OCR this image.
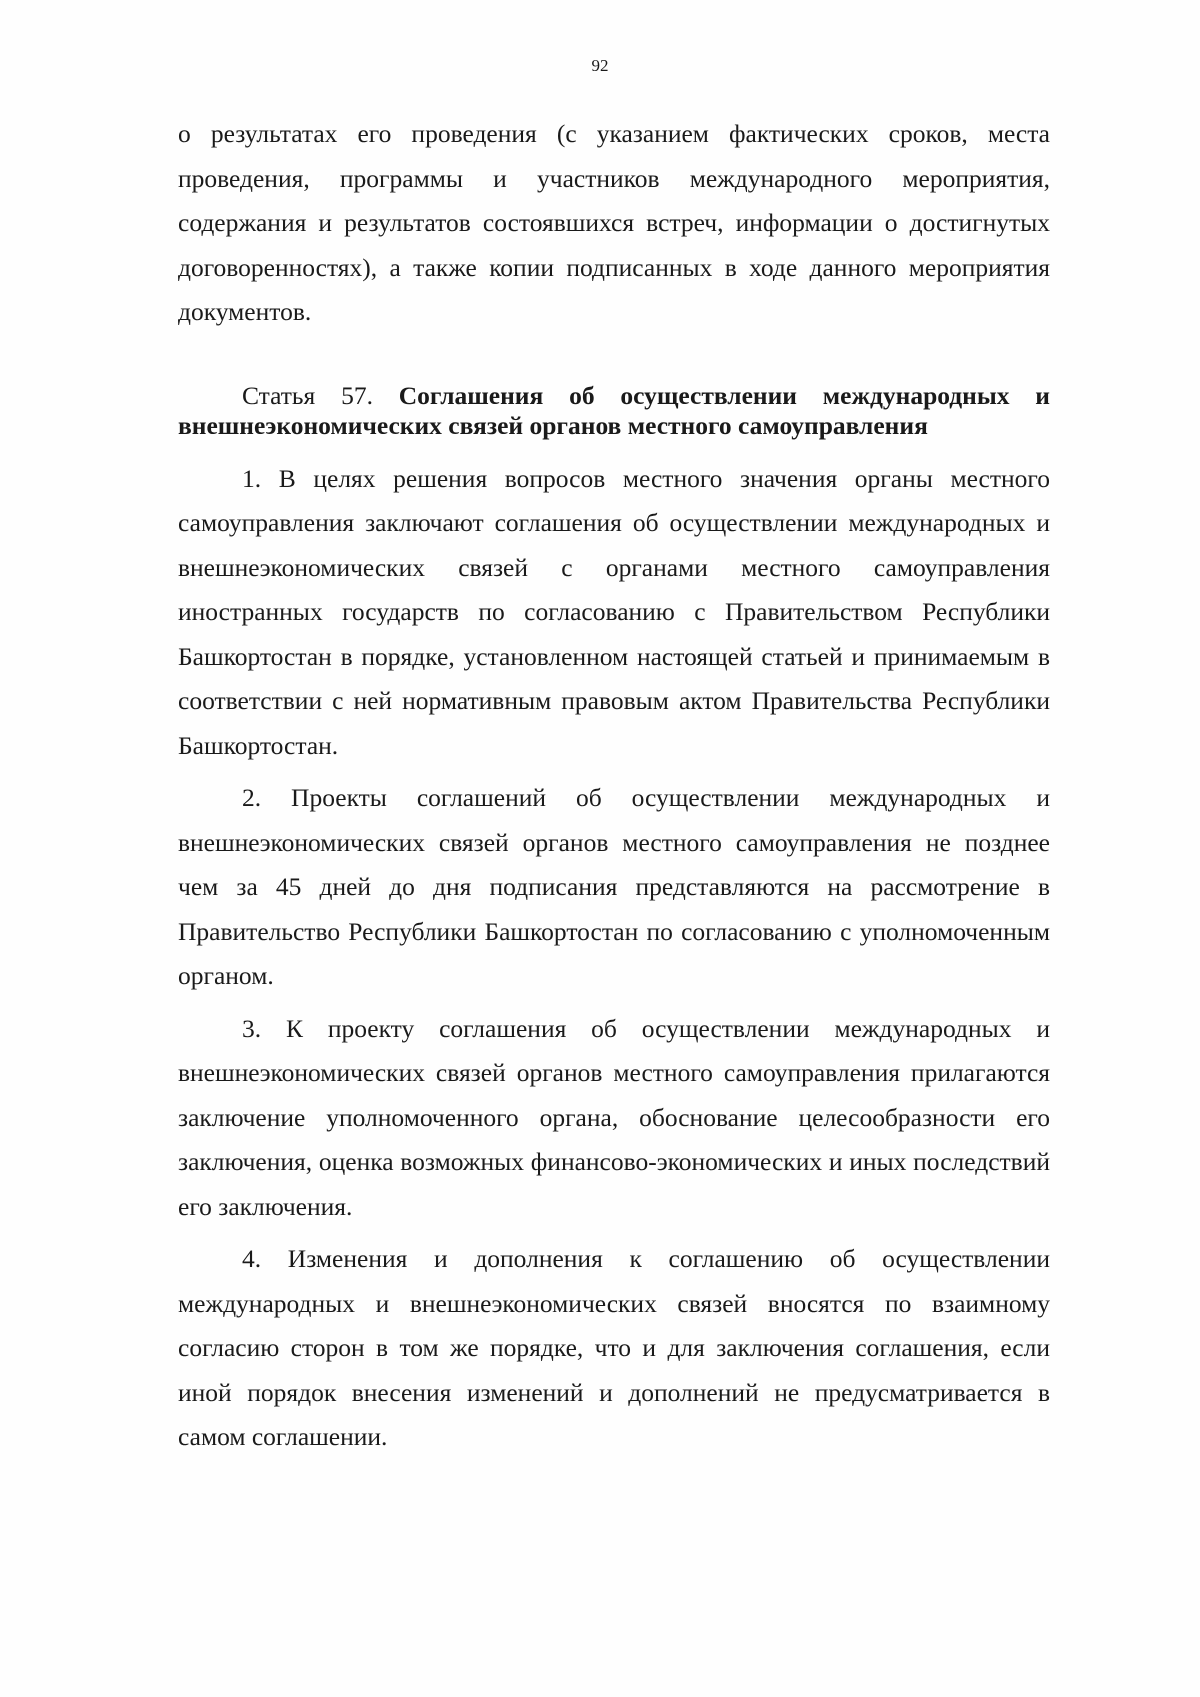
92

о результатах его проведения (с указанием фактических сроков, места проведения, программы и участников международного мероприятия, содержания и результатов состоявшихся встреч, информации о достигнутых договоренностях), а также копии подписанных в ходе данного мероприятия документов.

Статья 57. Соглашения об осуществлении международных и внешнеэкономических связей органов местного самоуправления

1. В целях решения вопросов местного значения органы местного самоуправления заключают соглашения об осуществлении международных и внешнеэкономических связей с органами местного самоуправления иностранных государств по согласованию с Правительством Республики Башкортостан в порядке, установленном настоящей статьей и принимаемым в соответствии с ней нормативным правовым актом Правительства Республики Башкортостан.

2. Проекты соглашений об осуществлении международных и внешнеэкономических связей органов местного самоуправления не позднее чем за 45 дней до дня подписания представляются на рассмотрение в Правительство Республики Башкортостан по согласованию с уполномоченным органом.

3. К проекту соглашения об осуществлении международных и внешнеэкономических связей органов местного самоуправления прилагаются заключение уполномоченного органа, обоснование целесообразности его заключения, оценка возможных финансово-экономических и иных последствий его заключения.

4. Изменения и дополнения к соглашению об осуществлении международных и внешнеэкономических связей вносятся по взаимному согласию сторон в том же порядке, что и для заключения соглашения, если иной порядок внесения изменений и дополнений не предусматривается в самом соглашении.
